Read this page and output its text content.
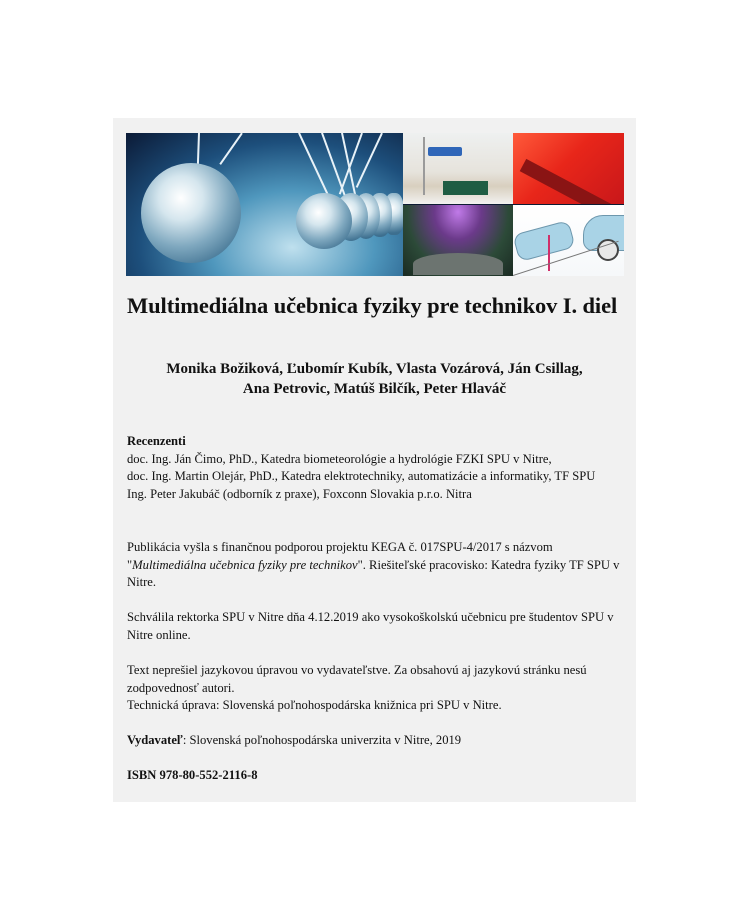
Multimediálna učebnica fyziky pre technikov I. diel
Monika Božiková, Ľubomír Kubík, Vlasta Vozárová, Ján Csillag,
Ana Petrovic, Matúš Bilčík, Peter Hlaváč
Recenzenti
doc. Ing. Ján Čimo, PhD., Katedra biometeorológie a hydrológie FZKI SPU v Nitre,
doc. Ing. Martin Olejár, PhD., Katedra elektrotechniky, automatizácie a informatiky, TF SPU
Ing. Peter Jakubáč (odborník z praxe), Foxconn Slovakia p.r.o. Nitra

Publikácia vyšla s finančnou podporou projektu KEGA č. 017SPU-4/2017 s názvom "Multimediálna učebnica fyziky pre technikov". Riešiteľské pracovisko: Katedra fyziky TF SPU v Nitre.

Schválila rektorka SPU v Nitre dňa 4.12.2019 ako vysokoškolskú učebnicu pre študentov SPU v Nitre online.

Text neprešiel jazykovou úpravou vo vydavateľstve. Za obsahovú aj jazykovú stránku nesú zodpovednosť autori.
Technická úprava: Slovenská poľnohospodárska knižnica pri SPU v Nitre.

Vydavateľ: Slovenská poľnohospodárska univerzita v Nitre, 2019

ISBN 978-80-552-2116-8
